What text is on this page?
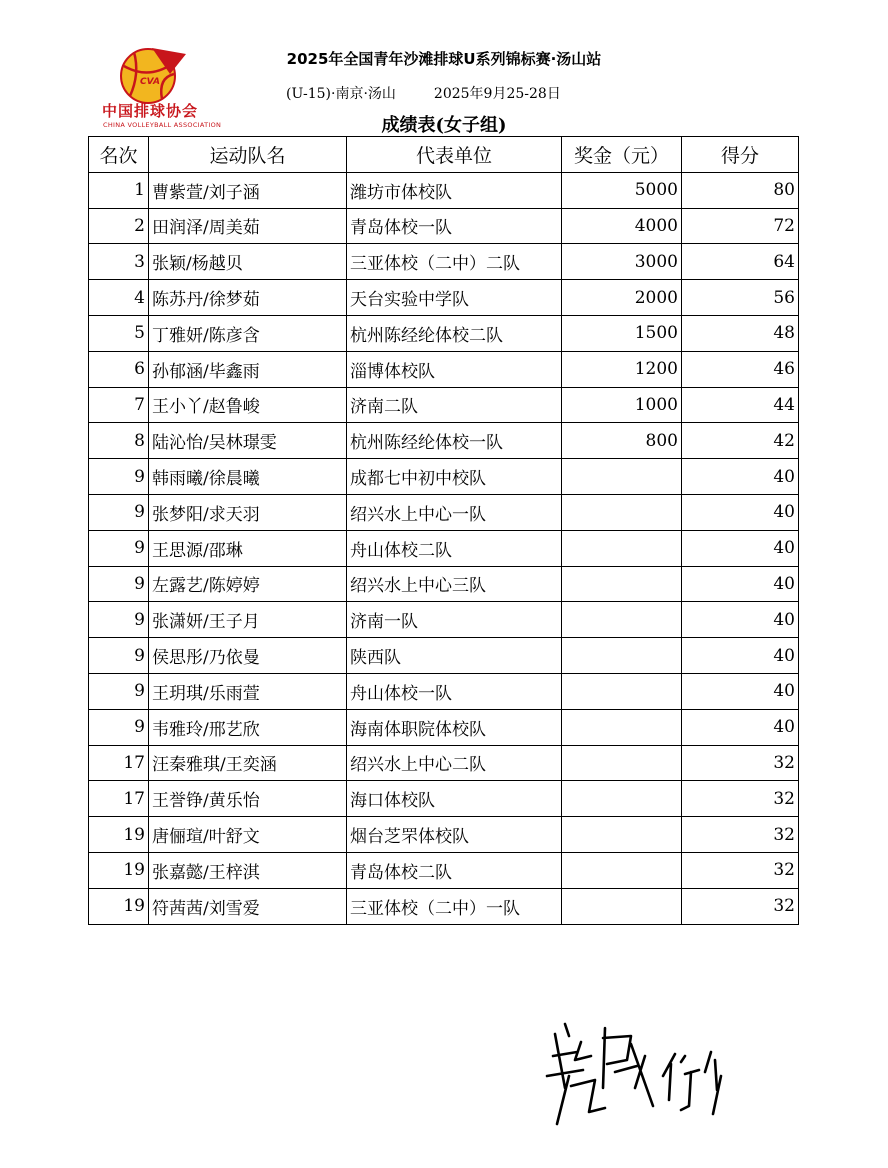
CVA
中国排球协会
CHINA VOLLEYBALL ASSOCIATION
2025年全国青年沙滩排球U系列锦标赛·汤山站
(U-15)·南京·汤山	2025年9月25-28日
成绩表(女子组)
名次	运动队名	代表单位	奖金（元）	得分
1	曹紫萱/刘子涵	潍坊市体校队	5000	80
2	田润泽/周美茹	青岛体校一队	4000	72
3	张颖/杨越贝	三亚体校（二中）二队	3000	64
4	陈苏丹/徐梦茹	天台实验中学队	2000	56
5	丁雅妍/陈彦含	杭州陈经纶体校二队	1500	48
6	孙郁涵/毕鑫雨	淄博体校队	1200	46
7	王小丫/赵鲁峻	济南二队	1000	44
8	陆沁怡/吴林璟雯	杭州陈经纶体校一队	800	42
9	韩雨曦/徐晨曦	成都七中初中校队		40
9	张梦阳/求天羽	绍兴水上中心一队		40
9	王思源/邵琳	舟山体校二队		40
9	左露艺/陈婷婷	绍兴水上中心三队		40
9	张潇妍/王子月	济南一队		40
9	侯思彤/乃依曼	陕西队		40
9	王玥琪/乐雨萱	舟山体校一队		40
9	韦雅玲/邢艺欣	海南体职院体校队		40
17	汪秦雅琪/王奕涵	绍兴水上中心二队		32
17	王誉铮/黄乐怡	海口体校队		32
19	唐俪瑄/叶舒文	烟台芝罘体校队		32
19	张嘉懿/王梓淇	青岛体校二队		32
19	符茜茜/刘雪爱	三亚体校（二中）一队		32
